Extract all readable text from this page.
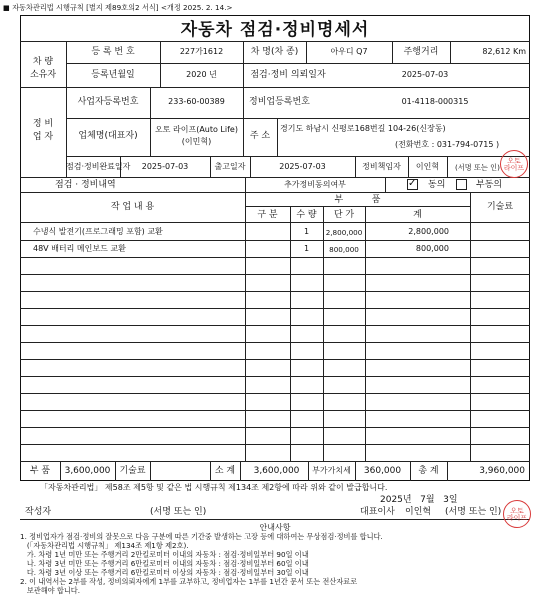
■ 자동차관리법 시행규칙 [별지 제89호의2 서식] <개정 2025. 2. 14.>
자동차 점검·정비명세서
차 량
소유자
등 록 번 호	227가1612	차 명(차 종)	아우디 Q7	주행거리	82,612 Km
등록년월일	2020 년	점검·정비 의뢰일자	2025-07-03
정 비
업 자
사업자등록번호	233-60-00389	정비업등록번호	01-4118-000315
업체명(대표자)
오토 라이프(Auto Life)
(이민혁)
주 소
경기도 하남시 신평로168번길 104-26(신장동)
(전화번호 : 031-794-0715 )
점검·정비완료일자	2025-07-03	출고일자	2025-07-03	정비책임자	이인혁	(서명 또는 인)
점검 · 정비내역	추가정비동의여부	✓ 동의	부동의
작 업 내 용
부          품
기술료
구 분	수 량	단 가	계
수냉식 발전기(프로그래밍 포함) 교환	1	2,800,000	2,800,000
48V 배터리 메인보드 교환	1	800,000	800,000
부 품	3,600,000	기술료	소 계	3,600,000	부가가치세	360,000	총 계	3,960,000
「자동차관리법」 제58조 제5항 및 같은 법 시행규칙 제134조 제2항에 따라 위와 같이 발급합니다.
2025년   7월   3일
작성자	(서명 또는 인)	대표이사 이인혁 (서명 또는 인)
안내사항
1. 정비업자가 점검·정비의 잘못으로 다음 구분에 따른 기간중 발생하는 고장 등에 대하여는 무상점검·정비를 합니다.
(「자동차관리법 시행규칙」 제134조 제1항 제2호).
가. 차령 1년 미만 또는 주행거리 2만킬로미터 이내의 자동차 : 점검·정비일부터 90일 이내
나. 차령 3년 미만 또는 주행거리 6만킬로미터 이내의 자동차 : 점검·정비일부터 60일 이내
다. 차령 3년 이상 또는 주행거리 6만킬로미터 이상의 자동차 : 점검·정비일부터 30일 이내
2. 이 내역서는 2부를 작성, 정비의뢰자에게 1부를 교부하고, 정비업자는 1부를 1년간 문서 또는 전산자료로
보관해야 합니다.
오토
라이프
오토
라이프
